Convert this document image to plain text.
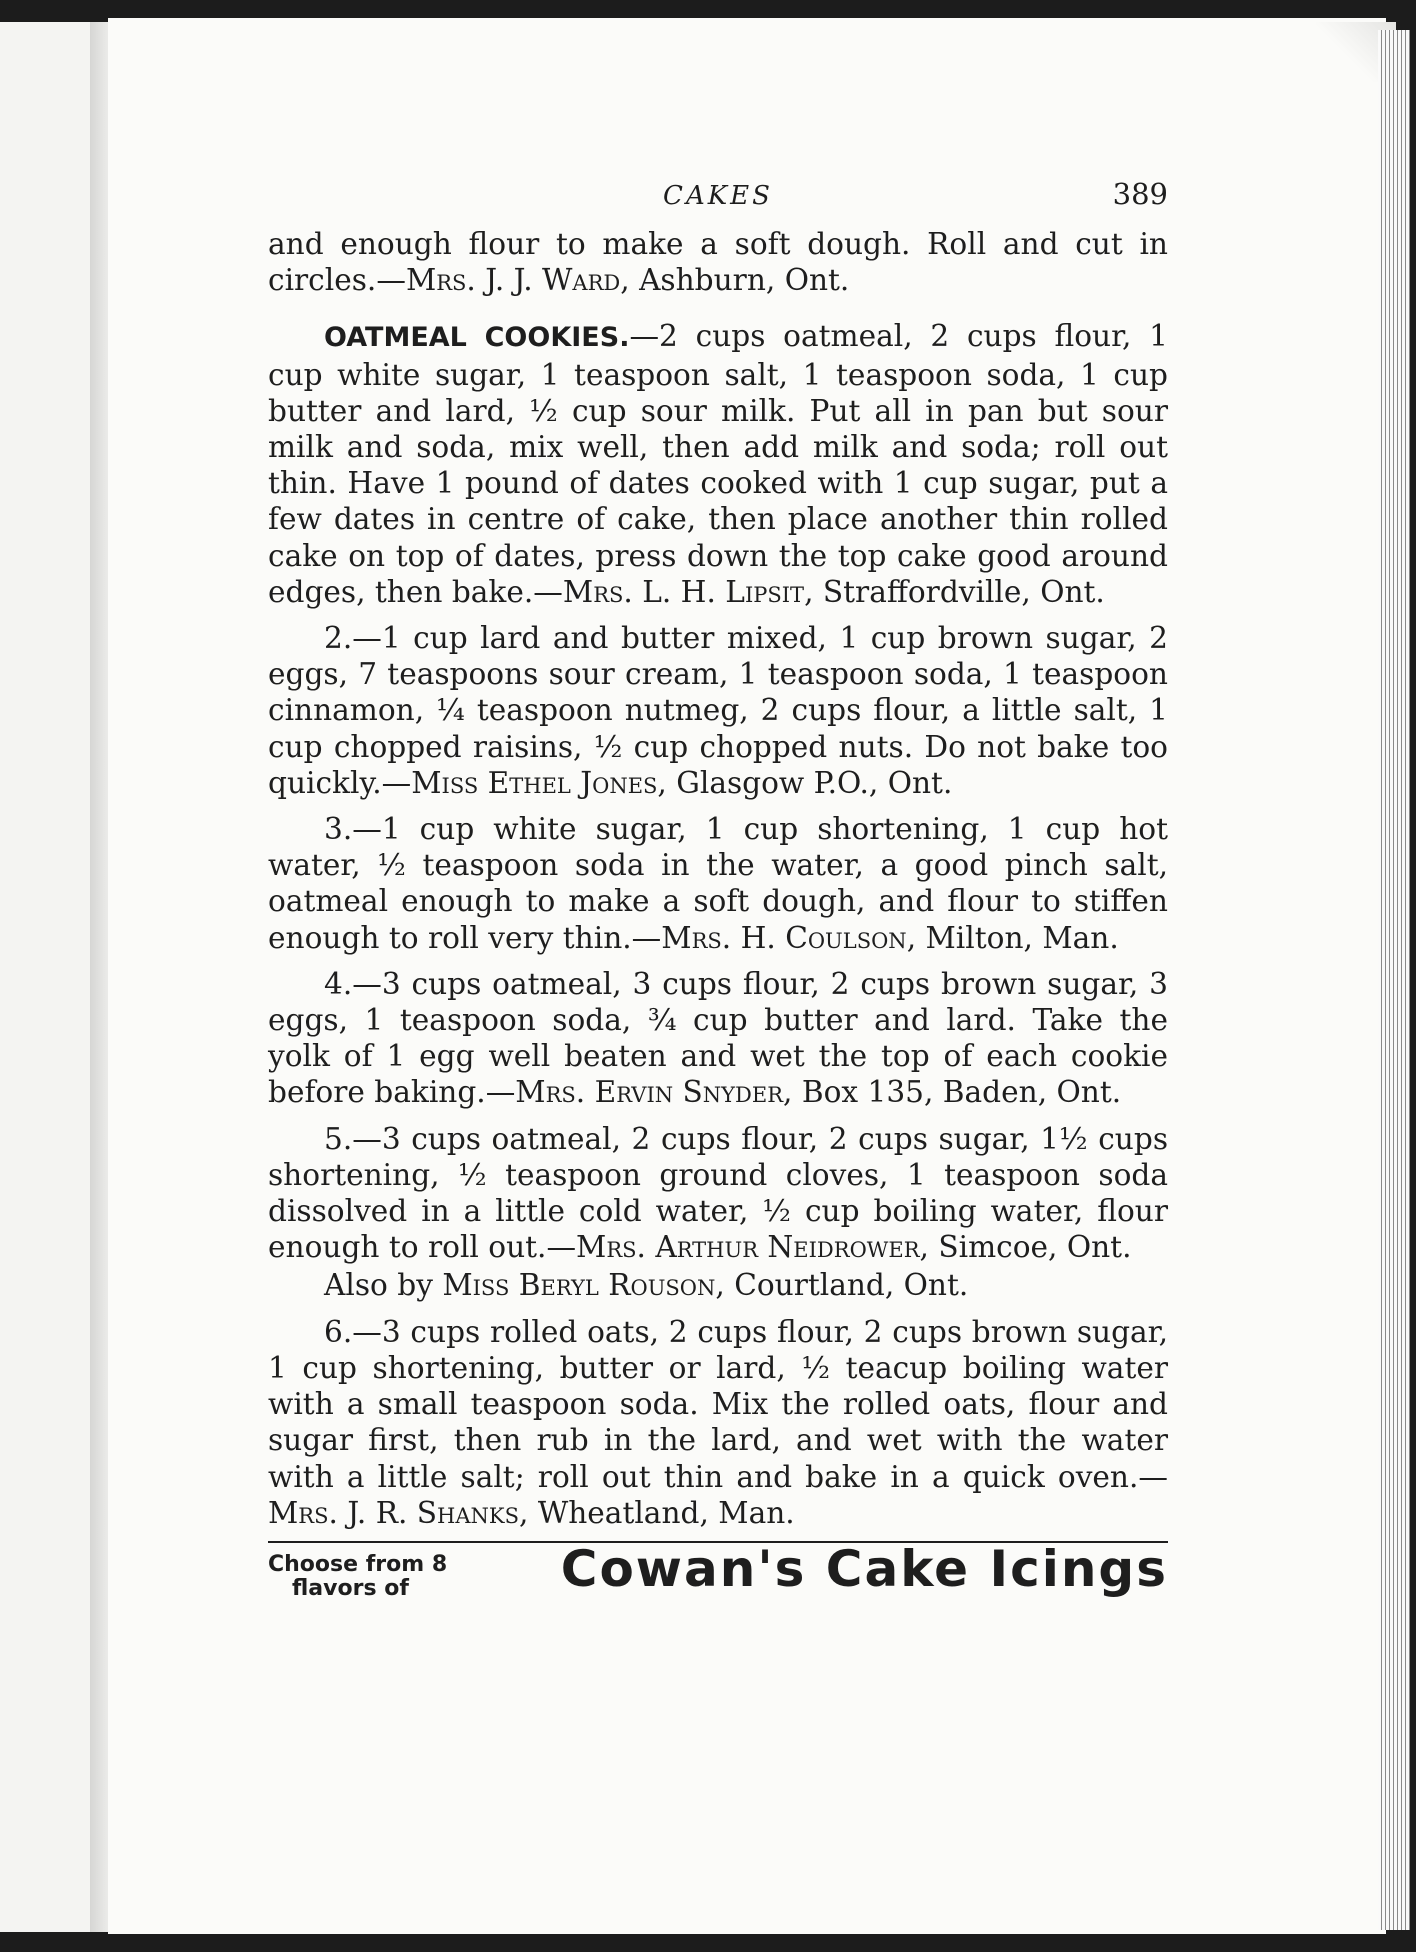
CAKES	389

and enough flour to make a soft dough. Roll and cut in circles.—Mrs. J. J. Ward, Ashburn, Ont.

OATMEAL COOKIES.—2 cups oatmeal, 2 cups flour, 1 cup white sugar, 1 teaspoon salt, 1 teaspoon soda, 1 cup butter and lard, ½ cup sour milk. Put all in pan but sour milk and soda, mix well, then add milk and soda; roll out thin. Have 1 pound of dates cooked with 1 cup sugar, put a few dates in centre of cake, then place another thin rolled cake on top of dates, press down the top cake good around edges, then bake.—Mrs. L. H. Lipsit, Straffordville, Ont.

2.—1 cup lard and butter mixed, 1 cup brown sugar, 2 eggs, 7 teaspoons sour cream, 1 teaspoon soda, 1 teaspoon cinnamon, ¼ teaspoon nutmeg, 2 cups flour, a little salt, 1 cup chopped raisins, ½ cup chopped nuts. Do not bake too quickly.—Miss Ethel Jones, Glasgow P.O., Ont.

3.—1 cup white sugar, 1 cup shortening, 1 cup hot water, ½ teaspoon soda in the water, a good pinch salt, oatmeal enough to make a soft dough, and flour to stiffen enough to roll very thin.—Mrs. H. Coulson, Milton, Man.

4.—3 cups oatmeal, 3 cups flour, 2 cups brown sugar, 3 eggs, 1 teaspoon soda, ¾ cup butter and lard. Take the yolk of 1 egg well beaten and wet the top of each cookie before baking.—Mrs. Ervin Snyder, Box 135, Baden, Ont.

5.—3 cups oatmeal, 2 cups flour, 2 cups sugar, 1½ cups shortening, ½ teaspoon ground cloves, 1 teaspoon soda dissolved in a little cold water, ½ cup boiling water, flour enough to roll out.—Mrs. Arthur Neidrower, Simcoe, Ont.

Also by Miss Beryl Rouson, Courtland, Ont.

6.—3 cups rolled oats, 2 cups flour, 2 cups brown sugar, 1 cup shortening, butter or lard, ½ teacup boiling water with a small teaspoon soda. Mix the rolled oats, flour and sugar first, then rub in the lard, and wet with the water with a little salt; roll out thin and bake in a quick oven.—Mrs. J. R. Shanks, Wheatland, Man.

Choose from 8
flavors of	Cowan's Cake Icings
